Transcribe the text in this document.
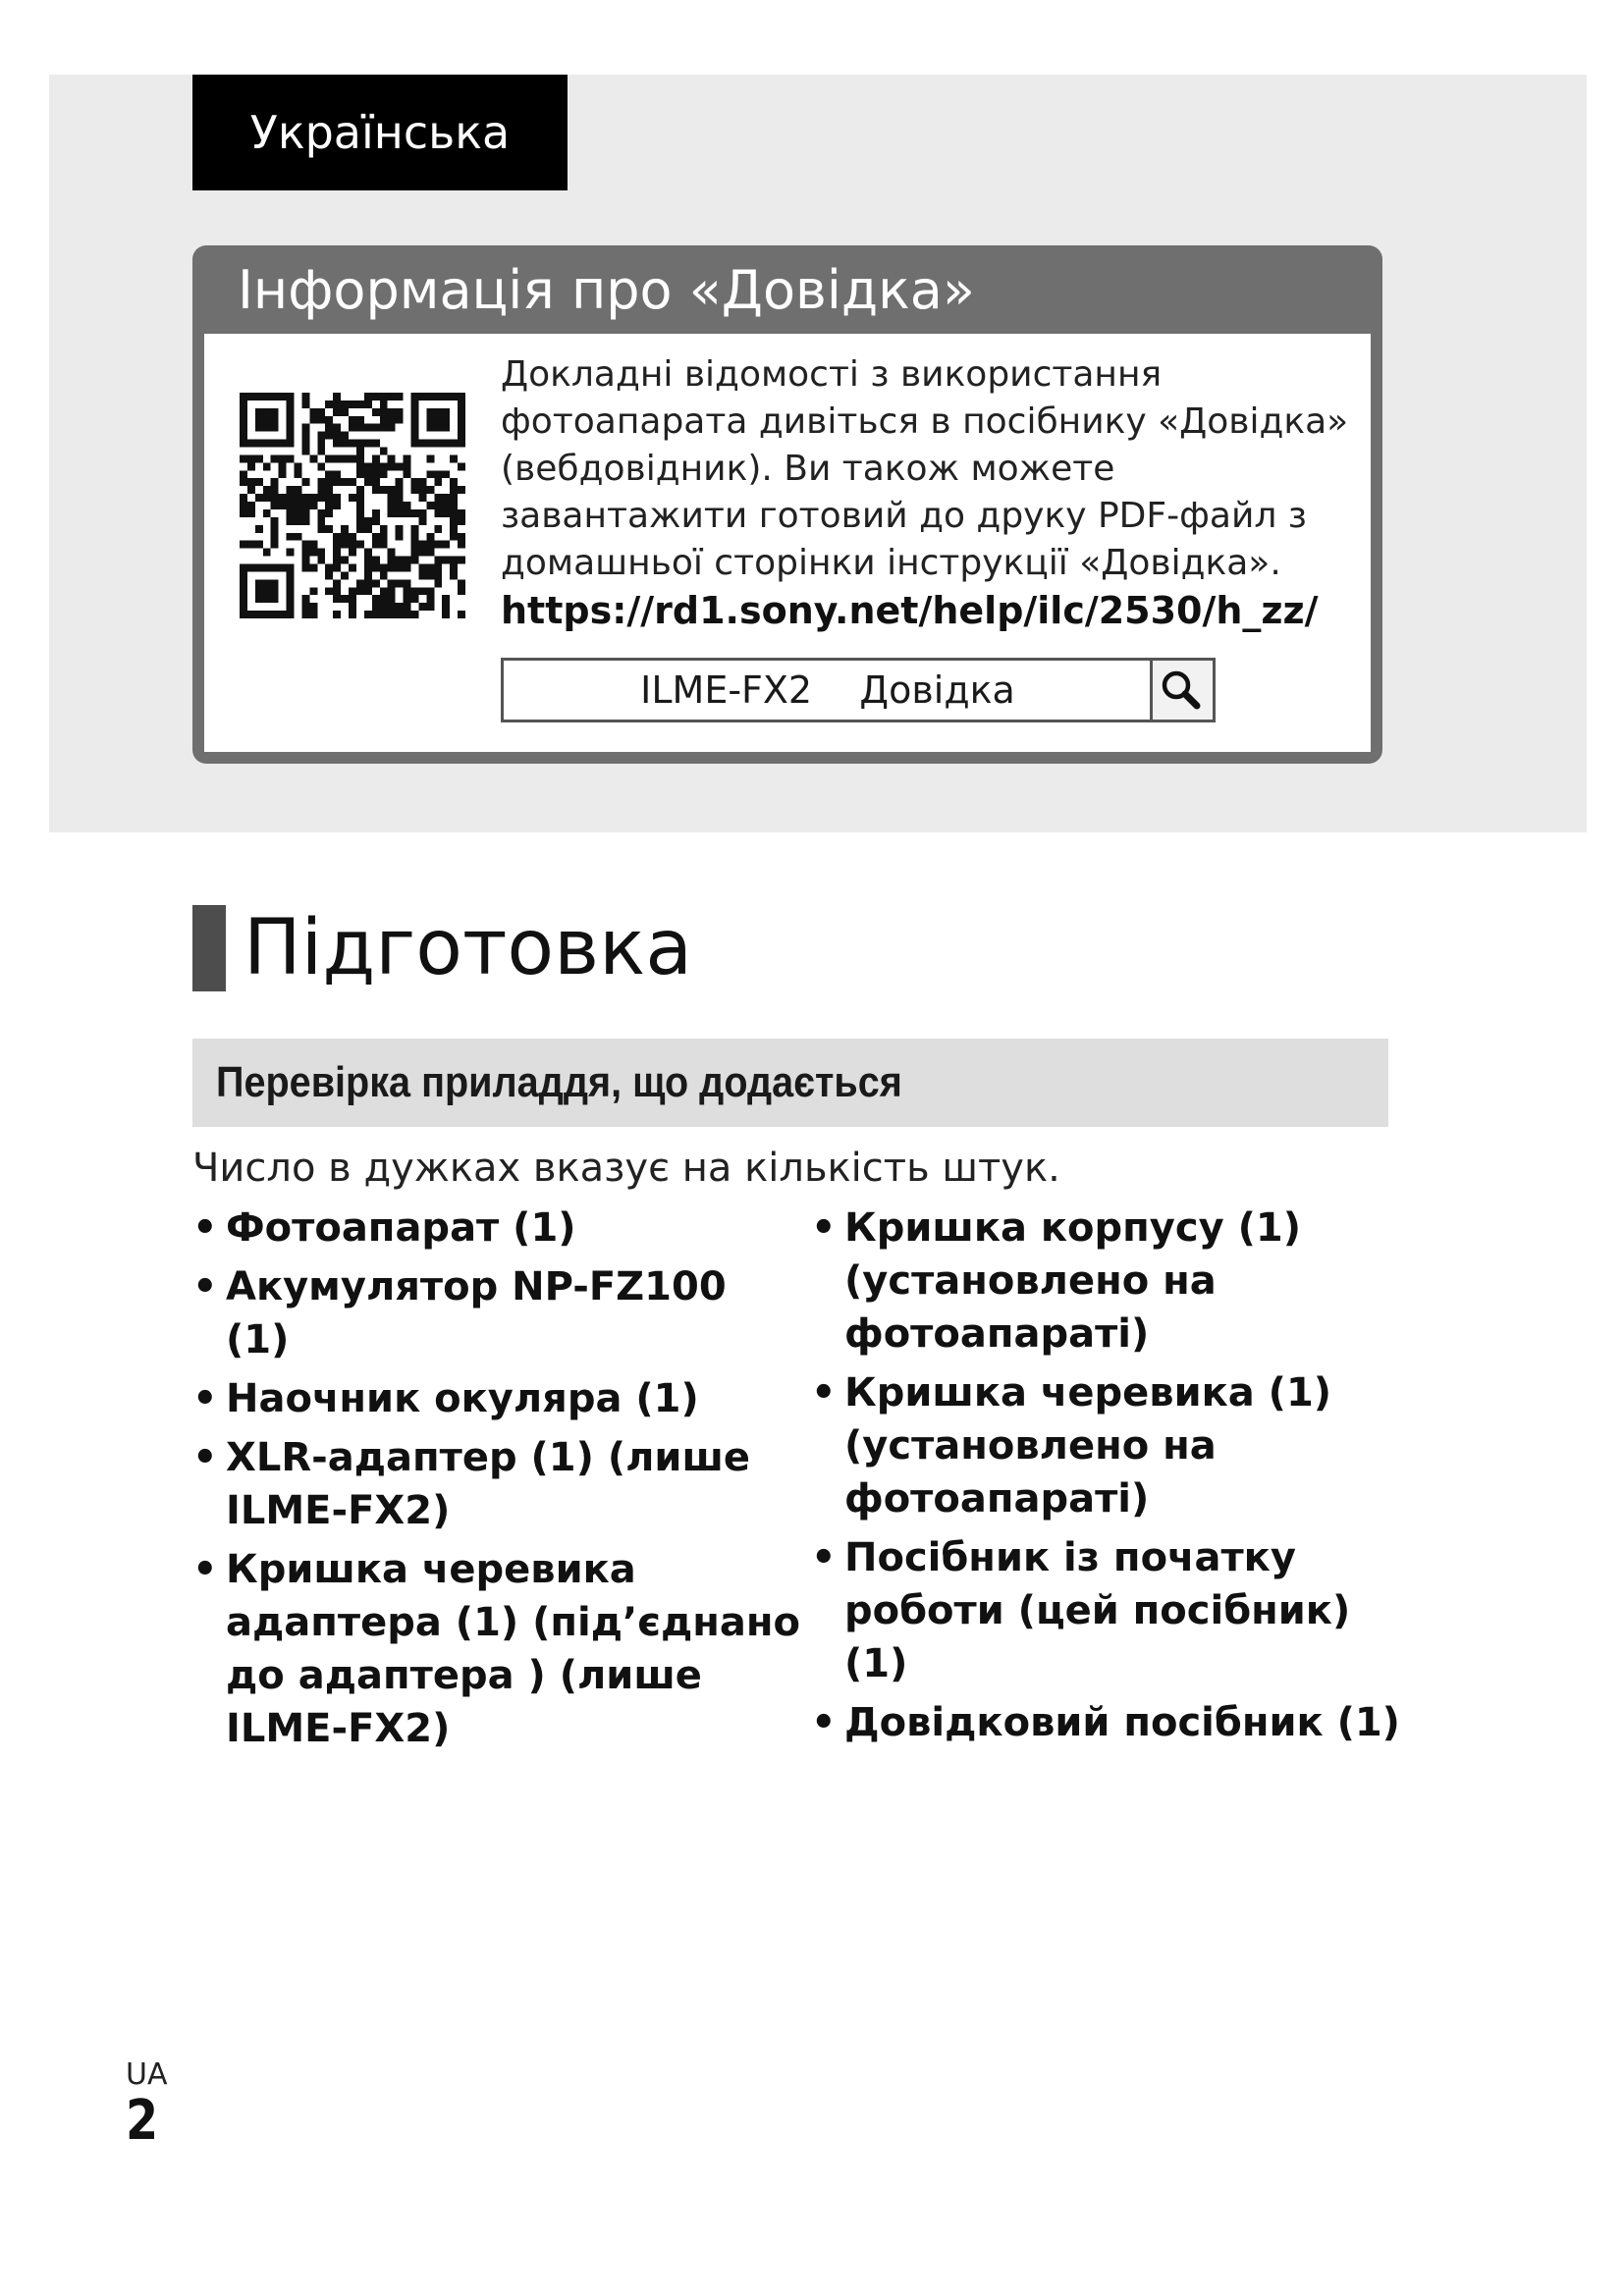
Українська
Інформація про «Довідка»

Докладні відомості з використання фотоапарата дивіться в посібнику «Довідка» (вебдовідник). Ви також можете завантажити готовий до друку PDF-файл з домашньої сторінки інструкції «Довідка».

https://rd1.sony.net/help/ilc/2530/h_zz/

ILME-FX2    Довідка
Підготовка
Перевірка приладдя, що додається
Число в дужках вказує на кількість штук.
• Фотоапарат (1)
• Акумулятор NP-FZ100 (1)
• Наочник окуляра (1)
• XLR-адаптер (1) (лише ILME-FX2)
• Кришка черевика адаптера (1) (під’єднано до адаптера ) (лише ILME-FX2)
• Кришка корпусу (1) (установлено на фотоапараті)
• Кришка черевика (1) (установлено на фотоапараті)
• Посібник із початку роботи (цей посібник) (1)
• Довідковий посібник (1)
UA
2
